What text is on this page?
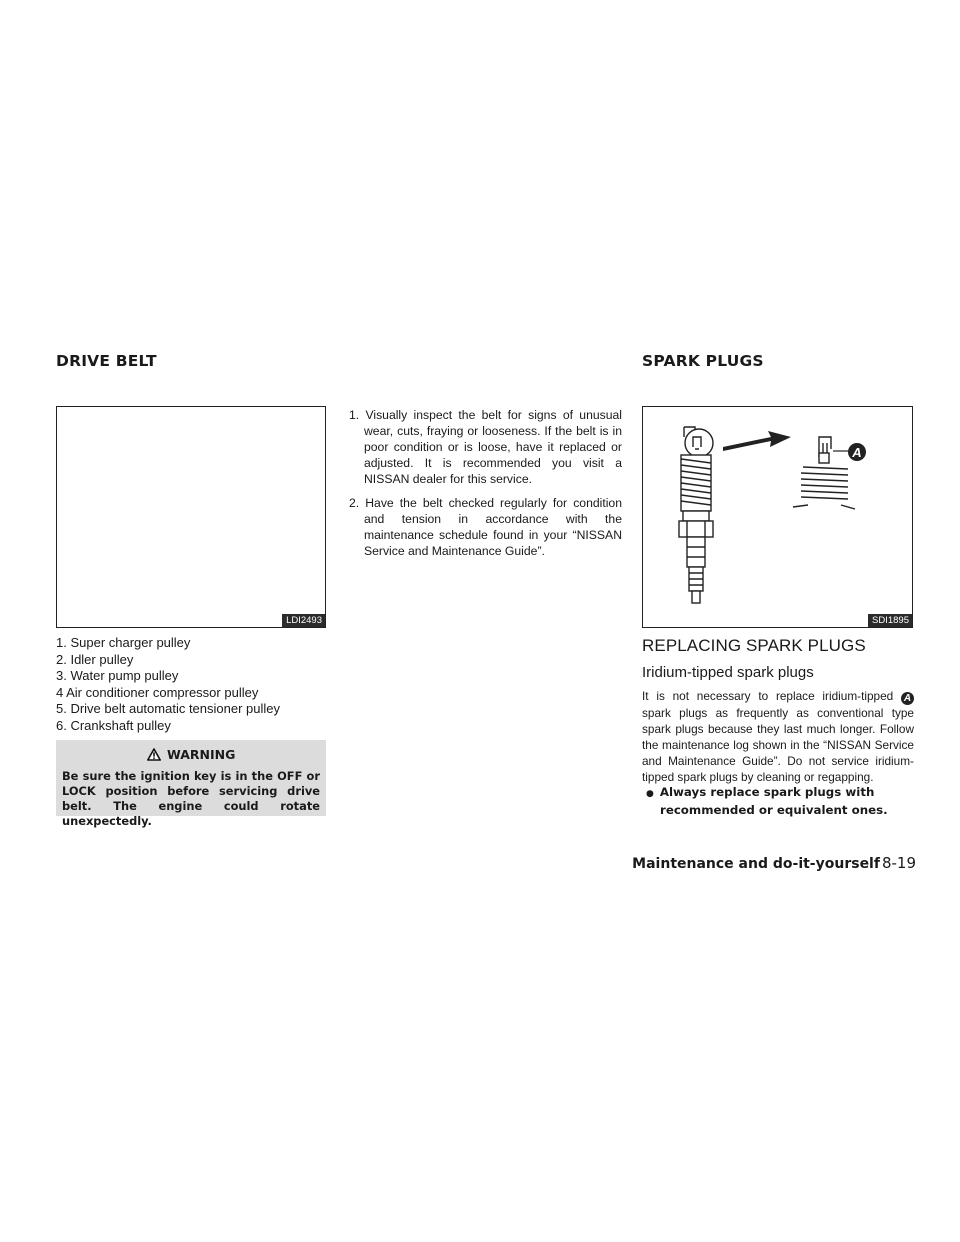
DRIVE BELT	SPARK PLUGS
LDI2493
1. Super charger pulley
2. Idler pulley
3. Water pump pulley
4 Air conditioner compressor pulley
5. Drive belt automatic tensioner pulley
6. Crankshaft pulley
WARNING
Be sure the ignition key is in the OFF or LOCK position before servicing drive belt. The engine could rotate unexpectedly.
1. Visually inspect the belt for signs of unusual wear, cuts, fraying or looseness. If the belt is in poor condition or is loose, have it replaced or adjusted. It is recommended you visit a NISSAN dealer for this service.
2. Have the belt checked regularly for condition and tension in accordance with the maintenance schedule found in your “NISSAN Service and Maintenance Guide”.
A
SDI1895
REPLACING SPARK PLUGS
Iridium-tipped spark plugs

It is not necessary to replace iridium-tipped A spark plugs as frequently as conventional type spark plugs because they last much longer. Follow the maintenance log shown in the “NISSAN Service and Maintenance Guide”. Do not service iridium-tipped spark plugs by cleaning or regapping.

● Always replace spark plugs with recommended or equivalent ones.
Maintenance and do-it-yourself 8-19
